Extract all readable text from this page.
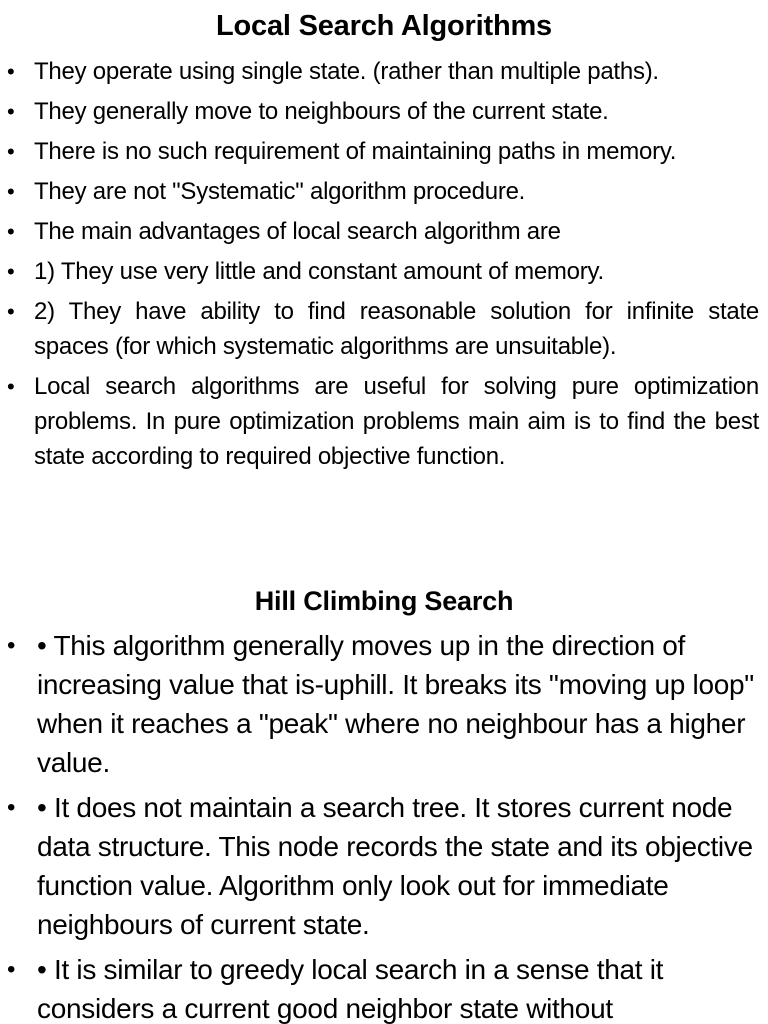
Local Search Algorithms
• They operate using single state. (rather than multiple paths).
• They generally move to neighbours of the current state.
• There is no such requirement of maintaining paths in memory.
• They are not "Systematic" algorithm procedure.
• The main advantages of local search algorithm are
• 1) They use very little and constant amount of memory.
• 2) They have ability to find reasonable solution for infinite state spaces (for which systematic algorithms are unsuitable).
• Local search algorithms are useful for solving pure optimization problems. In pure optimization problems main aim is to find the best state according to required objective function.
Hill Climbing Search
• • This algorithm generally moves up in the direction of increasing value that is-uphill. It breaks its "moving up loop" when it reaches a "peak" where no neighbour has a higher value.
• • It does not maintain a search tree. It stores current node data structure. This node records the state and its objective function value. Algorithm only look out for immediate neighbours of current state.
• • It is similar to greedy local search in a sense that it considers a current good neighbor state without
